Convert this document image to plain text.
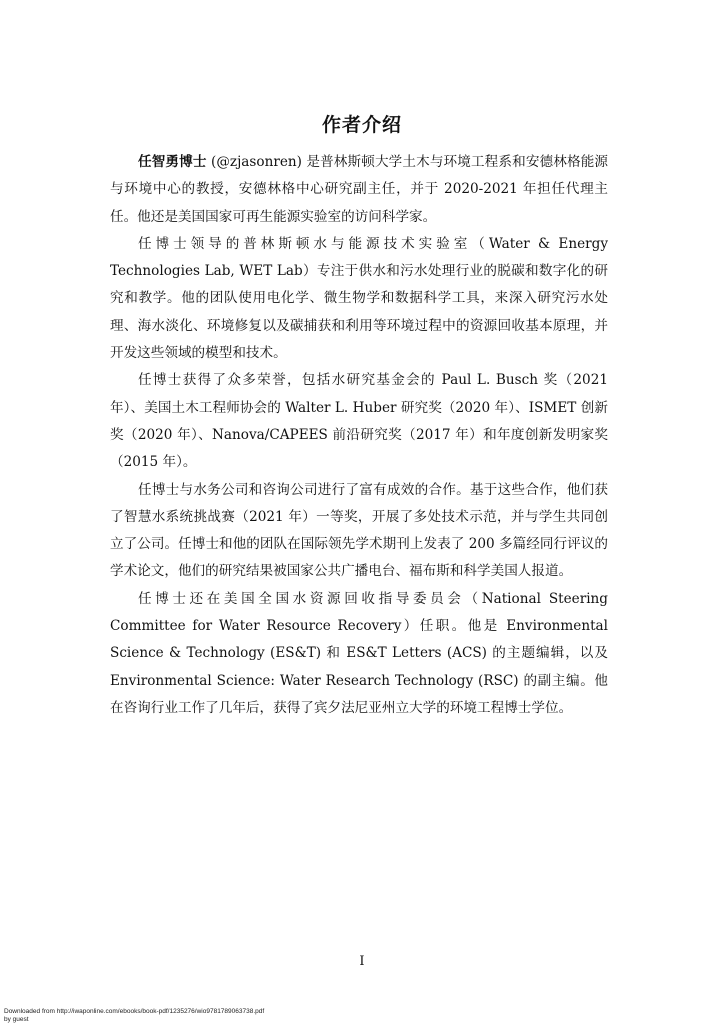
作者介绍

任智勇博士 (@zjasonren) 是普林斯顿大学土木与环境工程系和安德林格能源与环境中心的教授，安德林格中心研究副主任，并于 2020-2021 年担任代理主任。他还是美国国家可再生能源实验室的访问科学家。

任博士领导的普林斯顿水与能源技术实验室（Water & Energy Technologies Lab, WET Lab）专注于供水和污水处理行业的脱碳和数字化的研究和教学。他的团队使用电化学、微生物学和数据科学工具，来深入研究污水处理、海水淡化、环境修复以及碳捕获和利用等环境过程中的资源回收基本原理，并开发这些领域的模型和技术。

任博士获得了众多荣誉，包括水研究基金会的 Paul L. Busch 奖（2021 年）、美国土木工程师协会的 Walter L. Huber 研究奖（2020 年）、ISMET 创新奖（2020 年）、Nanova/CAPEES 前沿研究奖（2017 年）和年度创新发明家奖（2015 年）。

任博士与水务公司和咨询公司进行了富有成效的合作。基于这些合作，他们获了智慧水系统挑战赛（2021 年）一等奖，开展了多处技术示范，并与学生共同创立了公司。任博士和他的团队在国际领先学术期刊上发表了 200 多篇经同行评议的学术论文，他们的研究结果被国家公共广播电台、福布斯和科学美国人报道。

任博士还在美国全国水资源回收指导委员会（National Steering Committee for Water Resource Recovery）任职。他是 Environmental Science & Technology (ES&T) 和 ES&T Letters (ACS) 的主题编辑，以及 Environmental Science: Water Research Technology (RSC) 的副主编。他在咨询行业工作了几年后，获得了宾夕法尼亚州立大学的环境工程博士学位。

I
Downloaded from http://iwaponline.com/ebooks/book-pdf/1235276/wio9781789063738.pdf
by guest
